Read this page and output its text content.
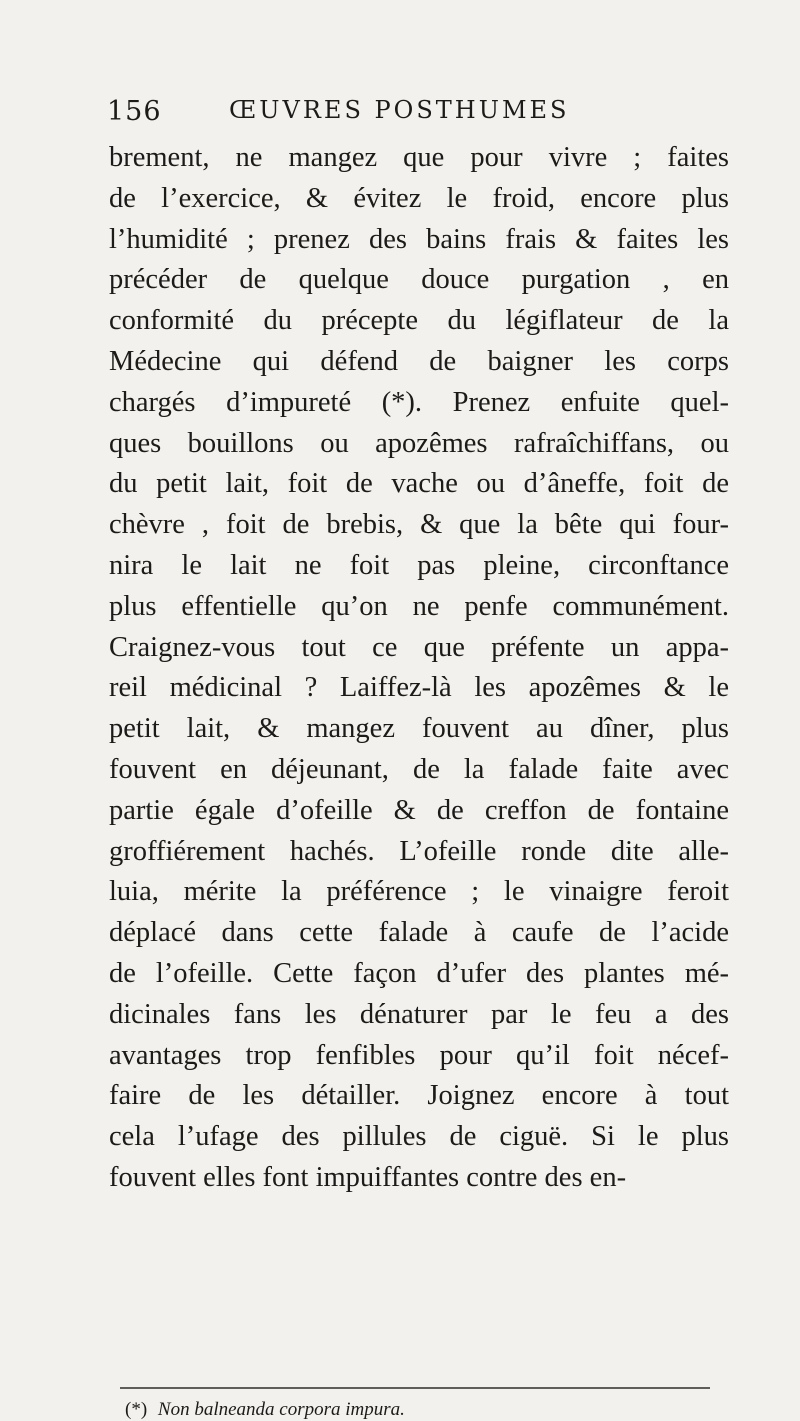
156	ŒUVRES POSTHUMES
brement, ne mangez que pour vivre ; faites
de l’exercice, & évitez le froid, encore plus
l’humidité ; prenez des bains frais & faites les
précéder de quelque douce purgation , en
conformité du précepte du légiflateur de la
Médecine qui défend de baigner les corps
chargés d’impureté (*). Prenez enfuite quel-
ques bouillons ou apozêmes rafraîchiffans, ou
du petit lait, foit de vache ou d’âneffe, foit de
chèvre , foit de brebis, & que la bête qui four-
nira le lait ne foit pas pleine, circonftance
plus effentielle qu’on ne penfe communément.
Craignez-vous tout ce que préfente un appa-
reil médicinal ? Laiffez-là les apozêmes & le
petit lait, & mangez fouvent au dîner, plus
fouvent en déjeunant, de la falade faite avec
partie égale d’ofeille & de creffon de fontaine
groffiérement hachés. L’ofeille ronde dite alle-
luia, mérite la préférence ; le vinaigre feroit
déplacé dans cette falade à caufe de l’acide
de l’ofeille. Cette façon d’ufer des plantes mé-
dicinales fans les dénaturer par le feu a des
avantages trop fenfibles pour qu’il foit nécef-
faire de les détailler. Joignez encore à tout
cela l’ufage des pillules de ciguë. Si le plus
fouvent elles font impuiffantes contre des en-
(*) Non balneanda corpora impura.
